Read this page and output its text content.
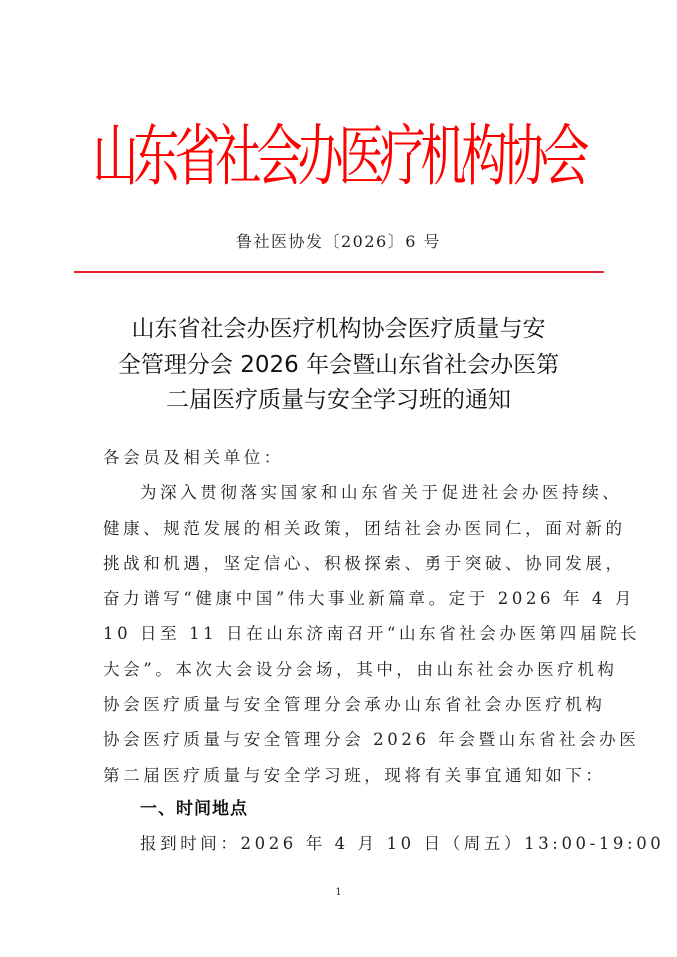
山东省社会办医疗机构协会
鲁社医协发〔2026〕6 号
山东省社会办医疗机构协会医疗质量与安
全管理分会 2026 年会暨山东省社会办医第
二届医疗质量与安全学习班的通知
各会员及相关单位：
为深入贯彻落实国家和山东省关于促进社会办医持续、
健康、规范发展的相关政策，团结社会办医同仁，面对新的
挑战和机遇，坚定信心、积极探索、勇于突破、协同发展，
奋力谱写“健康中国”伟大事业新篇章。定于 2026 年 4 月
10 日至 11 日在山东济南召开“山东省社会办医第四届院长
大会”。本次大会设分会场，其中，由山东社会办医疗机构
协会医疗质量与安全管理分会承办山东省社会办医疗机构
协会医疗质量与安全管理分会 2026 年会暨山东省社会办医
第二届医疗质量与安全学习班，现将有关事宜通知如下：
一、时间地点
报到时间：2026 年 4 月 10 日（周五）13:00-19:00
1
